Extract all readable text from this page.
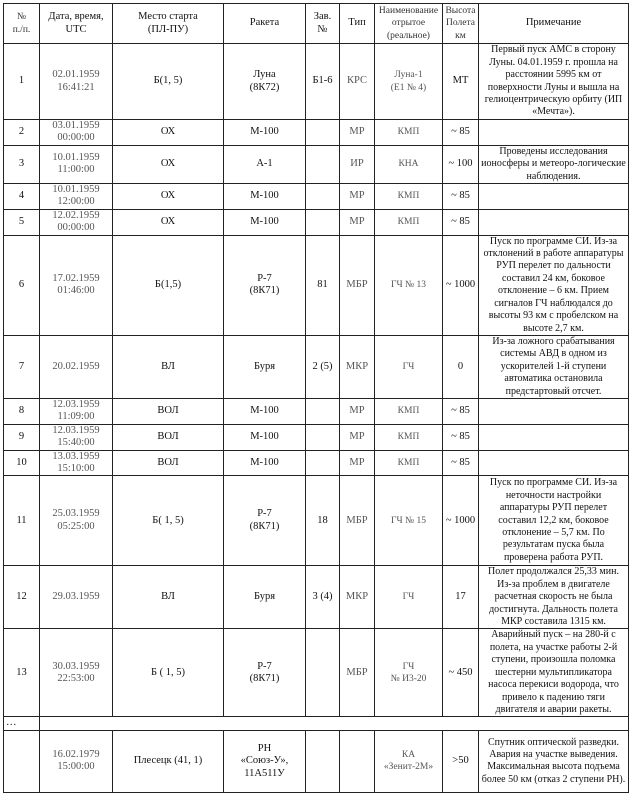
№
п./п.	Дата, время,
UTC	Место старта
(ПЛ-ПУ)	Ракета	Зав.
№	Тип	Наименование
отрытое
(реальное)	Высота
Полета
км	Примечание
1	02.01.1959
16:41:21	Б(1, 5)	Луна
(8К72)	Б1-6	КРС	Луна-1
(Е1 № 4)	МТ	Первый пуск АМС в сторону Луны. 04.01.1959 г. прошла на расстоянии 5995 км от поверхности Луны и вышла на гелиоцентрическую орбиту (ИП «Мечта»).
2	03.01.1959
00:00:00	ОХ	М-100		МР	КМП	~ 85	
3	10.01.1959
11:00:00	ОХ	А-1		ИР	КНА	~ 100	Проведены исследования ионосферы и метеоро-логические наблюдения.
4	10.01.1959
12:00:00	ОХ	М-100		МР	КМП	~ 85	
5	12.02.1959
00:00:00	ОХ	М-100		МР	КМП	~ 85	
6	17.02.1959
01:46:00	Б(1,5)	Р-7
(8К71)	81	МБР	ГЧ № 13	~ 1000	Пуск по программе СИ. Из-за отклонений в работе аппаратуры РУП перелет по дальности составил 24 км, боковое отклонение – 6 км. Прием сигналов ГЧ наблюдался до высоты 93 км с пробелском на высоте 2,7 км.
7	20.02.1959	ВЛ	Буря	2 (5)	МКР	ГЧ	0	Из-за ложного срабатывания системы АВД в одном из ускорителей 1-й ступени автоматика остановила предстартовый отсчет.
8	12.03.1959
11:09:00	ВОЛ	М-100		МР	КМП	~ 85	
9	12.03.1959
15:40:00	ВОЛ	М-100		МР	КМП	~ 85	
10	13.03.1959
15:10:00	ВОЛ	М-100		МР	КМП	~ 85	
11	25.03.1959
05:25:00	Б( 1, 5)	Р-7
(8К71)	18	МБР	ГЧ № 15	~ 1000	Пуск по программе СИ. Из-за неточности настройки аппаратуры РУП перелет составил 12,2 км, боковое отклонение – 5,7 км. По результатам пуска была проверена работа РУП.
12	29.03.1959	ВЛ	Буря	3 (4)	МКР	ГЧ	17	Полет продолжался 25,33 мин. Из-за проблем в двигателе расчетная скорость не была достигнута. Дальность полета МКР составила 1315 км.
13	30.03.1959
22:53:00	Б ( 1, 5)	Р-7
(8К71)		МБР	ГЧ
№ И3-20	~ 450	Аварийный пуск – на 280-й с полета, на участке работы 2-й ступени, произошла поломка шестерни мультипликатора насоса перекиси водорода, что привело к падению тяги двигателя и аварии ракеты.
…								
	16.02.1979
15:00:00	Плесецк (41, 1)	РН
«Союз-У»,
11А511У			КА
«Зенит-2М»	>50	Спутник оптической разведки. Авария на участке выведения. Максимальная высота подъема более 50 км (отказ 2 ступени РН).
